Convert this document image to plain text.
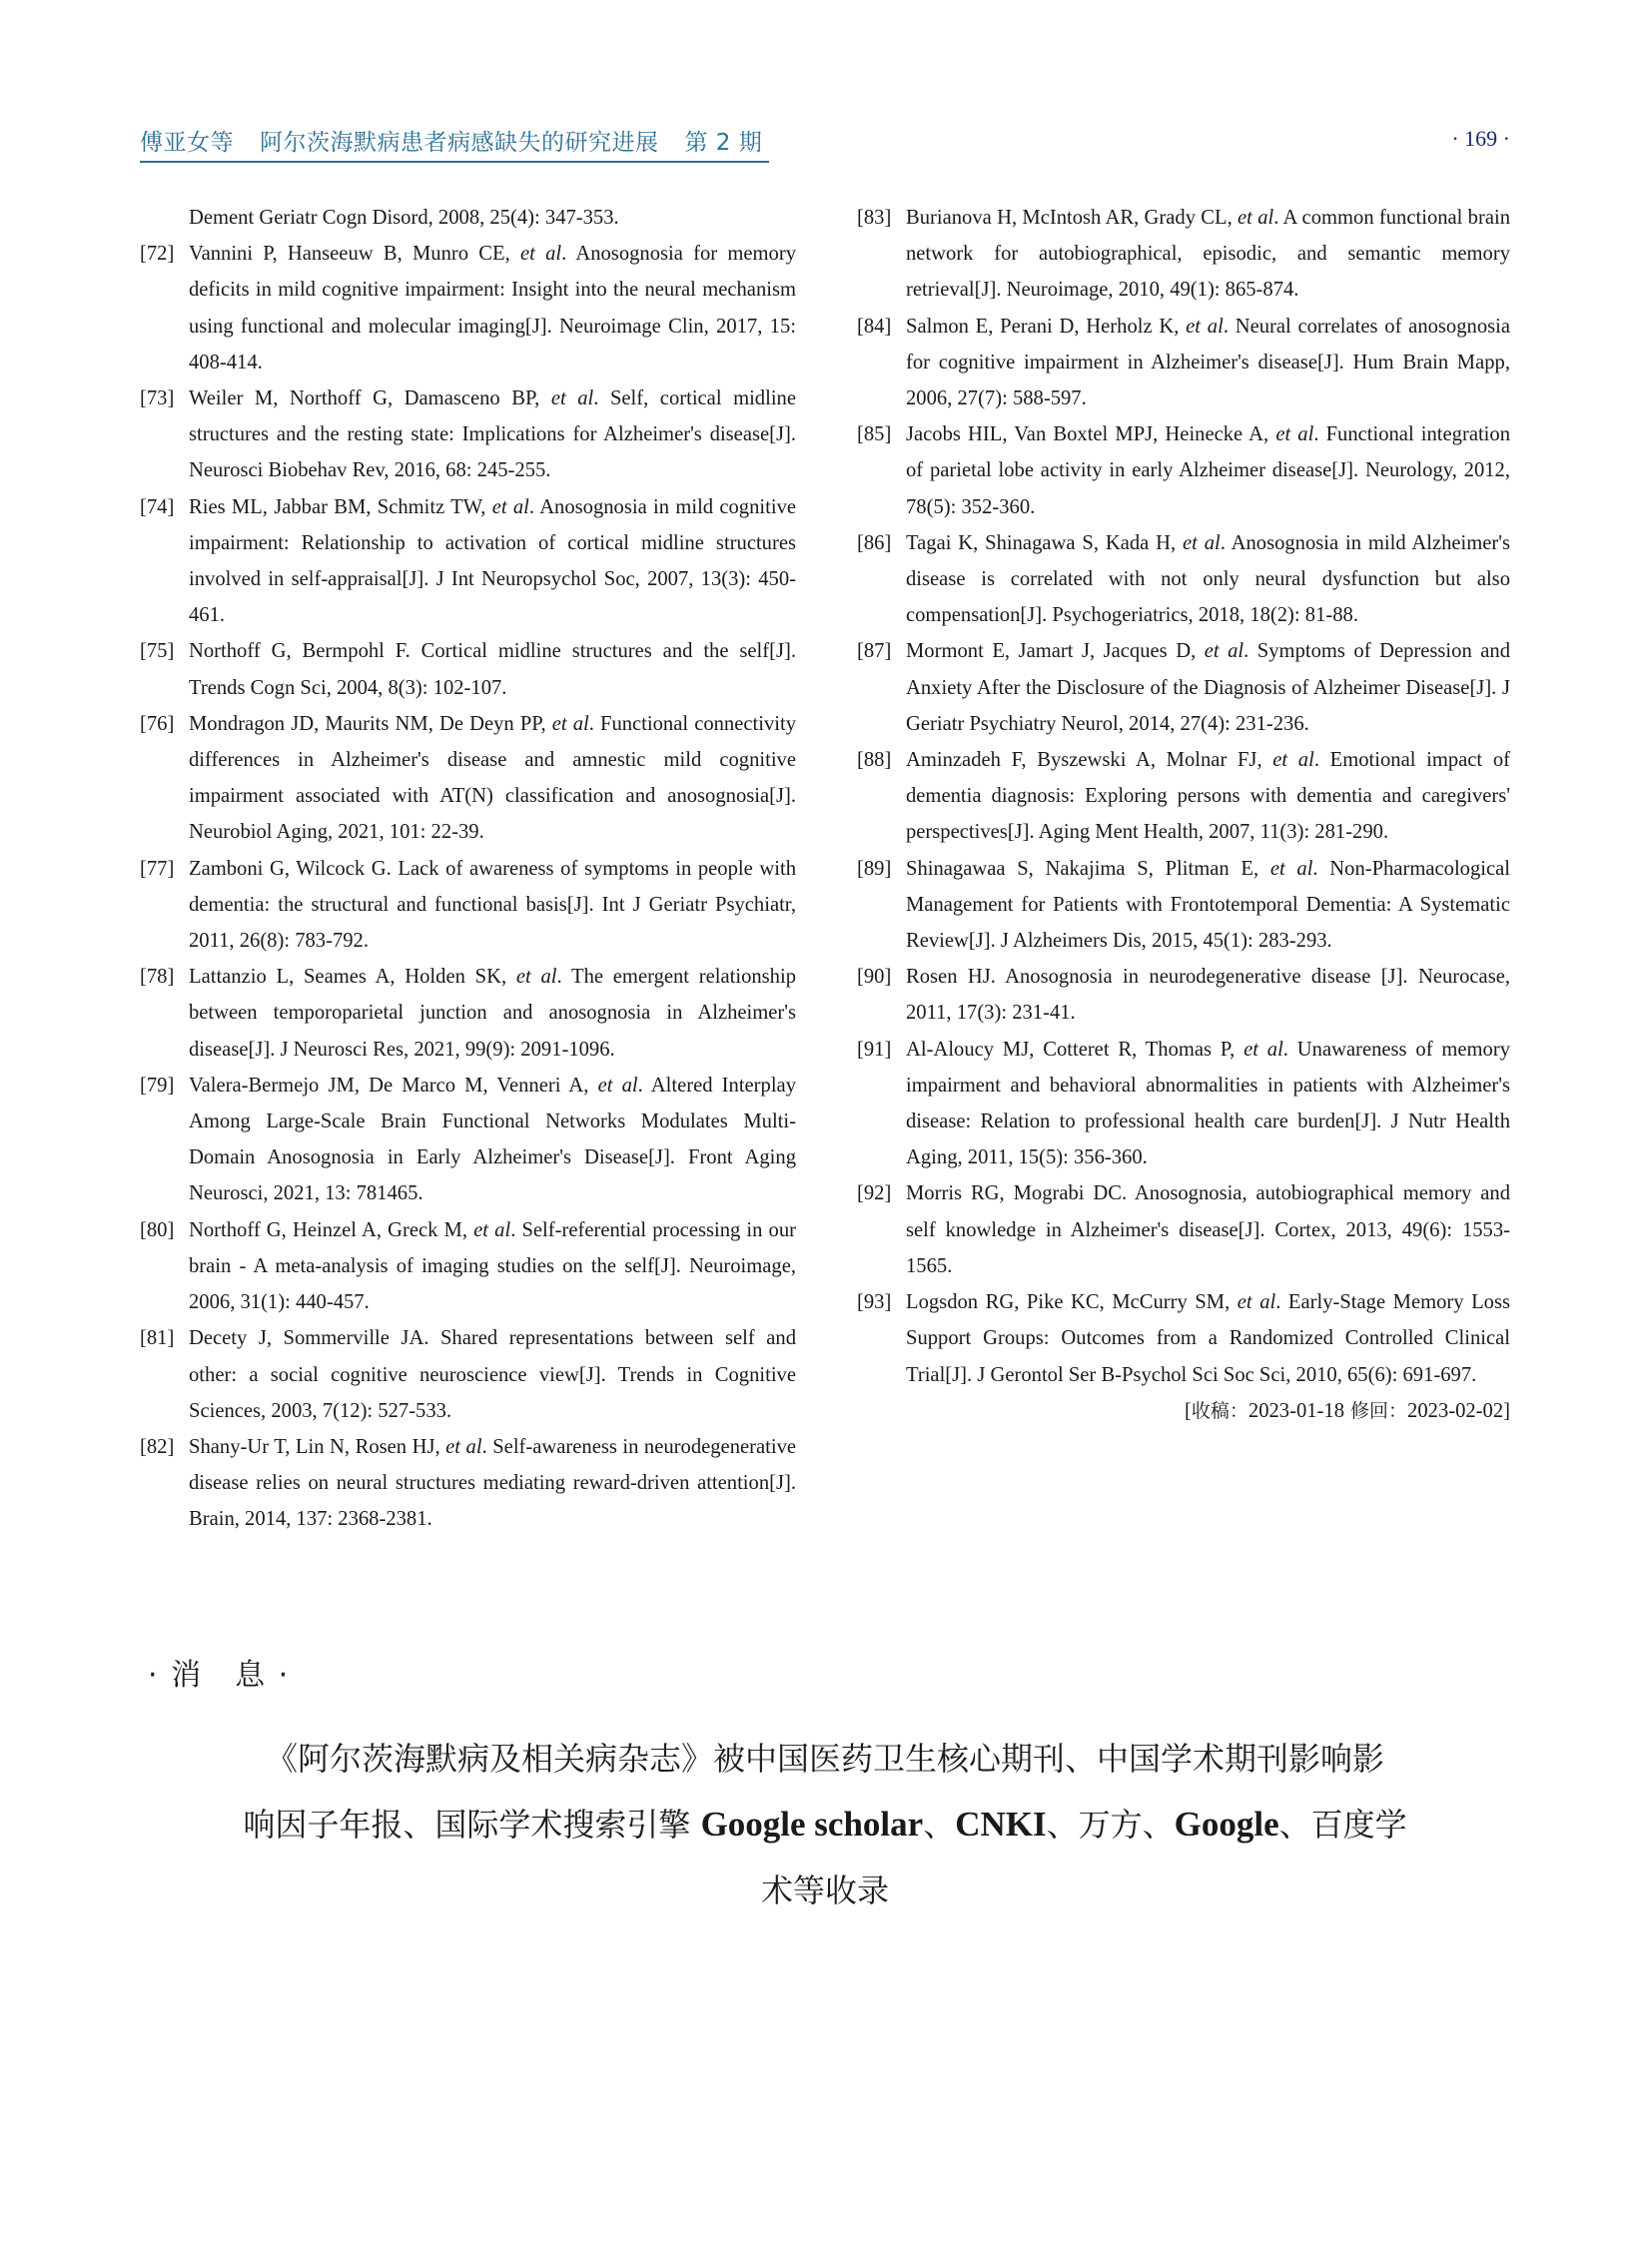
傅亚女等 阿尔茨海默病患者病感缺失的研究进展 第 2 期	· 169 ·
Dement Geriatr Cogn Disord, 2008, 25(4): 347-353.
[72] Vannini P, Hanseeuw B, Munro CE, et al. Anosognosia for memory deficits in mild cognitive impairment: Insight into the neural mechanism using functional and molecular imaging[J]. Neuroimage Clin, 2017, 15: 408-414.
[73] Weiler M, Northoff G, Damasceno BP, et al. Self, cortical midline structures and the resting state: Implications for Alzheimer's disease[J]. Neurosci Biobehav Rev, 2016, 68: 245-255.
[74] Ries ML, Jabbar BM, Schmitz TW, et al. Anosognosia in mild cognitive impairment: Relationship to activation of cortical midline structures involved in self-appraisal[J]. J Int Neuropsychol Soc, 2007, 13(3): 450-461.
[75] Northoff G, Bermpohl F. Cortical midline structures and the self[J]. Trends Cogn Sci, 2004, 8(3): 102-107.
[76] Mondragon JD, Maurits NM, De Deyn PP, et al. Functional connectivity differences in Alzheimer's disease and amnestic mild cognitive impairment associated with AT(N) classification and anosognosia[J]. Neurobiol Aging, 2021, 101: 22-39.
[77] Zamboni G, Wilcock G. Lack of awareness of symptoms in people with dementia: the structural and functional basis[J]. Int J Geriatr Psychiatr, 2011, 26(8): 783-792.
[78] Lattanzio L, Seames A, Holden SK, et al. The emergent relationship between temporoparietal junction and anosognosia in Alzheimer's disease[J]. J Neurosci Res, 2021, 99(9): 2091-1096.
[79] Valera-Bermejo JM, De Marco M, Venneri A, et al. Altered Interplay Among Large-Scale Brain Functional Networks Modulates Multi-Domain Anosognosia in Early Alzheimer's Disease[J]. Front Aging Neurosci, 2021, 13: 781465.
[80] Northoff G, Heinzel A, Greck M, et al. Self-referential processing in our brain - A meta-analysis of imaging studies on the self[J]. Neuroimage, 2006, 31(1): 440-457.
[81] Decety J, Sommerville JA. Shared representations between self and other: a social cognitive neuroscience view[J]. Trends in Cognitive Sciences, 2003, 7(12): 527-533.
[82] Shany-Ur T, Lin N, Rosen HJ, et al. Self-awareness in neurodegenerative disease relies on neural structures mediating reward-driven attention[J]. Brain, 2014, 137: 2368-2381.
[83] Burianova H, McIntosh AR, Grady CL, et al. A common functional brain network for autobiographical, episodic, and semantic memory retrieval[J]. Neuroimage, 2010, 49(1): 865-874.
[84] Salmon E, Perani D, Herholz K, et al. Neural correlates of anosognosia for cognitive impairment in Alzheimer's disease[J]. Hum Brain Mapp, 2006, 27(7): 588-597.
[85] Jacobs HIL, Van Boxtel MPJ, Heinecke A, et al. Functional integration of parietal lobe activity in early Alzheimer disease[J]. Neurology, 2012, 78(5): 352-360.
[86] Tagai K, Shinagawa S, Kada H, et al. Anosognosia in mild Alzheimer's disease is correlated with not only neural dysfunction but also compensation[J]. Psychogeriatrics, 2018, 18(2): 81-88.
[87] Mormont E, Jamart J, Jacques D, et al. Symptoms of Depression and Anxiety After the Disclosure of the Diagnosis of Alzheimer Disease[J]. J Geriatr Psychiatry Neurol, 2014, 27(4): 231-236.
[88] Aminzadeh F, Byszewski A, Molnar FJ, et al. Emotional impact of dementia diagnosis: Exploring persons with dementia and caregivers' perspectives[J]. Aging Ment Health, 2007, 11(3): 281-290.
[89] Shinagawaa S, Nakajima S, Plitman E, et al. Non-Pharmacological Management for Patients with Frontotemporal Dementia: A Systematic Review[J]. J Alzheimers Dis, 2015, 45(1): 283-293.
[90] Rosen HJ. Anosognosia in neurodegenerative disease [J]. Neurocase, 2011, 17(3): 231-41.
[91] Al-Aloucy MJ, Cotteret R, Thomas P, et al. Unawareness of memory impairment and behavioral abnormalities in patients with Alzheimer's disease: Relation to professional health care burden[J]. J Nutr Health Aging, 2011, 15(5): 356-360.
[92] Morris RG, Mograbi DC. Anosognosia, autobiographical memory and self knowledge in Alzheimer's disease[J]. Cortex, 2013, 49(6): 1553-1565.
[93] Logsdon RG, Pike KC, McCurry SM, et al. Early-Stage Memory Loss Support Groups: Outcomes from a Randomized Controlled Clinical Trial[J]. J Gerontol Ser B-Psychol Sci Soc Sci, 2010, 65(6): 691-697.
[收稿：2023-01-18 修回：2023-02-02]
· 消　息 ·
《阿尔茨海默病及相关病杂志》被中国医药卫生核心期刊、中国学术期刊影响影
响因子年报、国际学术搜索引擎 Google scholar、CNKI、万方、Google、百度学
术等收录
